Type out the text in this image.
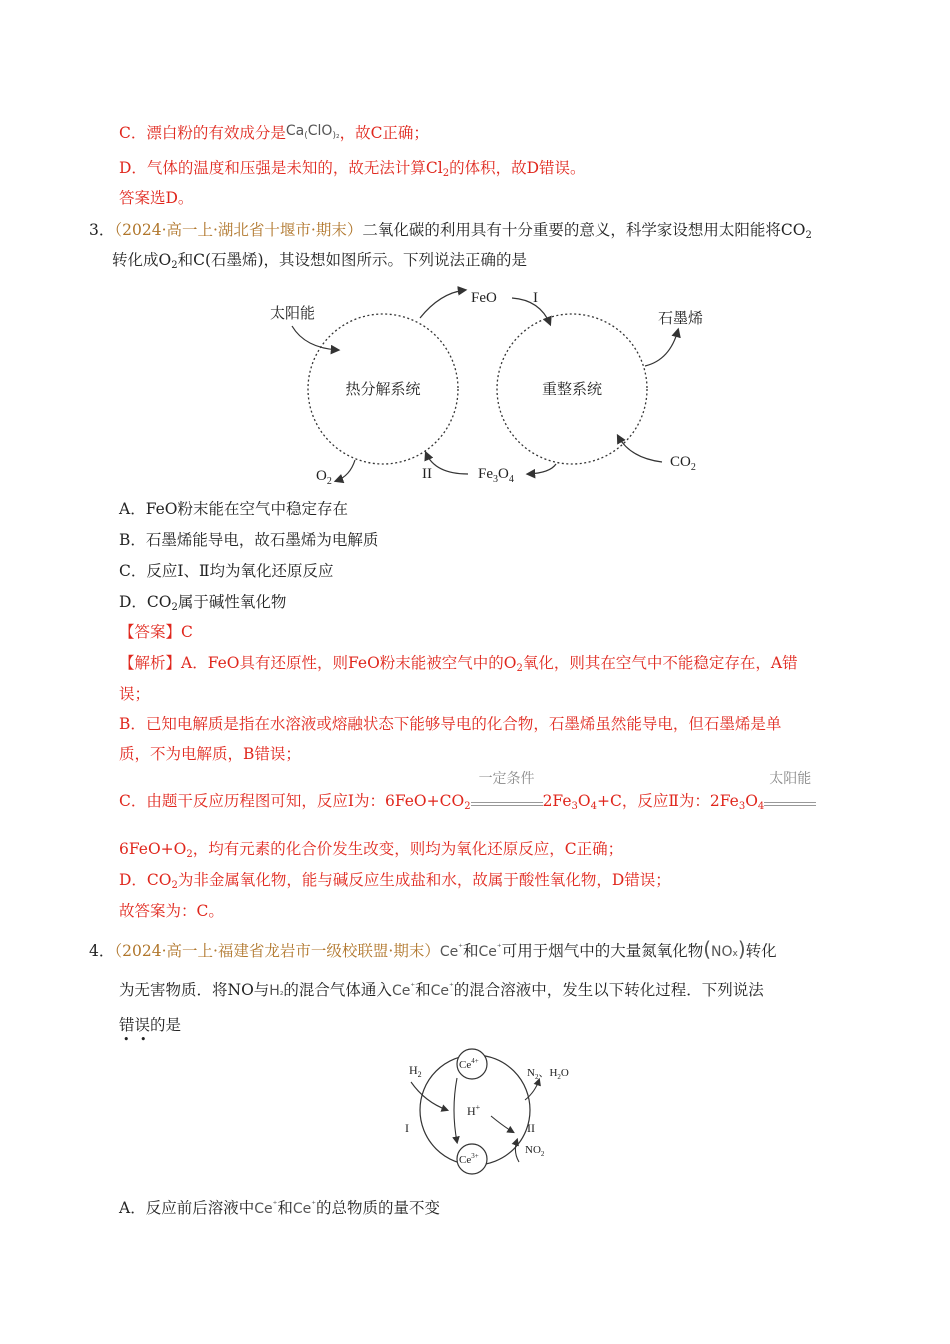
C．漂白粉的有效成分是Ca(ClO)₂，故C正确；
D．气体的温度和压强是未知的，故无法计算$Cl_2$的体积，故D错误。
答案选D。
3．（2024·高一上·湖北省十堰市·期末）二氧化碳的利用具有十分重要的意义，科学家设想用太阳能将$CO_2$
转化成$O_2$和C(石墨烯)，其设想如图所示。下列说法正确的是
热分解系统	重整系统
太阳能
FeO I
石墨烯
$O_2$	II	$Fe_3O_4$
$CO_2$
A．FeO粉末能在空气中稳定存在
B．石墨烯能导电，故石墨烯为电解质
C．反应Ⅰ、Ⅱ均为氧化还原反应
D．$CO_2$属于碱性氧化物
【答案】C
【解析】A．FeO具有还原性，则FeO粉末能被空气中的$O_2$氧化，则其在空气中不能稳定存在，A错
误；
B．已知电解质是指在水溶液或熔融状态下能够导电的化合物，石墨烯虽然能导电，但石墨烯是单
质，不为电解质，B错误；
C．由题干反应历程图可知，反应Ⅰ为：$6FeO+CO_2$
一定条件
$2Fe_3O_4+C$，反应Ⅱ为：$2Fe_3O_4$
太阳能
$6FeO+O_2$，均有元素的化合价发生改变，则均为氧化还原反应，C正确；
D．$CO_2$为非金属氧化物，能与碱反应生成盐和水，故属于酸性氧化物，D错误；
故答案为：C。
4．（2024·高一上·福建省龙岩市一级校联盟·期末）Ce⁺和Ce⁺可用于烟气中的大量氮氧化物(NOx)转化
为无害物质．将NO与H₂的混合气体通入Ce⁺和Ce⁺的混合溶液中，发生以下转化过程．下列说法
错误的是
• •
$Ce^{4+}$
$Ce^{3+}$
$H_2$
H+
$N_2$、$H_2O$
I	II
$NO_2$
A．反应前后溶液中Ce⁺和Ce⁺的总物质的量不变
